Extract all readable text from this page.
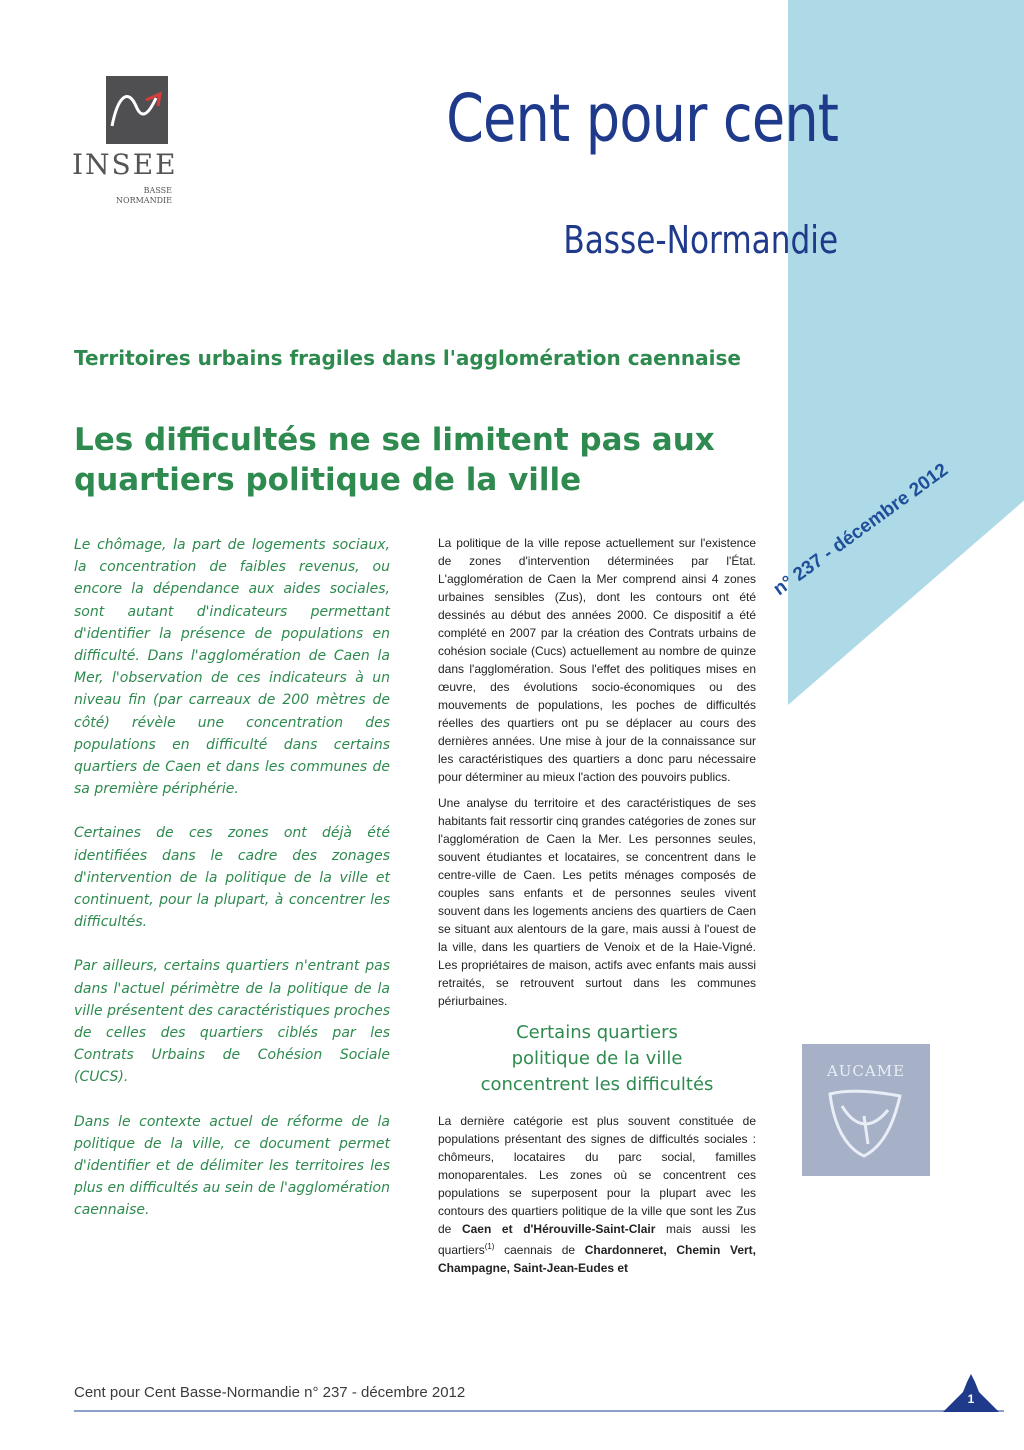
INSEE
BASSE
NORMANDIE
Cent pour cent
Basse-Normandie
n° 237 - décembre 2012
Territoires urbains fragiles dans l'agglomération caennaise
Les difficultés ne se limitent pas aux quartiers politique de la ville

Le chômage, la part de logements sociaux, la concentration de faibles revenus, ou encore la dépendance aux aides sociales, sont autant d'indicateurs permettant d'identifier la présence de populations en difficulté. Dans l'agglomération de Caen la Mer, l'observation de ces indicateurs à un niveau fin (par carreaux de 200 mètres de côté) révèle une concentration des populations en difficulté dans certains quartiers de Caen et dans les communes de sa première périphérie.

Certaines de ces zones ont déjà été identifiées dans le cadre des zonages d'intervention de la politique de la ville et continuent, pour la plupart, à concentrer les difficultés.

Par ailleurs, certains quartiers n'entrant pas dans l'actuel périmètre de la politique de la ville présentent des caractéristiques proches de celles des quartiers ciblés par les Contrats Urbains de Cohésion Sociale (CUCS).

Dans le contexte actuel de réforme de la politique de la ville, ce document permet d'identifier et de délimiter les territoires les plus en difficultés au sein de l'agglomération caennaise.

La politique de la ville repose actuellement sur l'existence de zones d'intervention déterminées par l'État. L'agglomération de Caen la Mer comprend ainsi 4 zones urbaines sensibles (Zus), dont les contours ont été dessinés au début des années 2000. Ce dispositif a été complété en 2007 par la création des Contrats urbains de cohésion sociale (Cucs) actuellement au nombre de quinze dans l'agglomération. Sous l'effet des politiques mises en œuvre, des évolutions socio-économiques ou des mouvements de populations, les poches de difficultés réelles des quartiers ont pu se déplacer au cours des dernières années. Une mise à jour de la connaissance sur les caractéristiques des quartiers a donc paru nécessaire pour déterminer au mieux l'action des pouvoirs publics.

Une analyse du territoire et des caractéristiques de ses habitants fait ressortir cinq grandes catégories de zones sur l'agglomération de Caen la Mer. Les personnes seules, souvent étudiantes et locataires, se concentrent dans le centre-ville de Caen. Les petits ménages composés de couples sans enfants et de personnes seules vivent souvent dans les logements anciens des quartiers de Caen se situant aux alentours de la gare, mais aussi à l'ouest de la ville, dans les quartiers de Venoix et de la Haie-Vigné. Les propriétaires de maison, actifs avec enfants mais aussi retraités, se retrouvent surtout dans les communes périurbaines.

Certains quartiers
politique de la ville
concentrent les difficultés

La dernière catégorie est plus souvent constituée de populations présentant des signes de difficultés sociales : chômeurs, locataires du parc social, familles monoparentales. Les zones où se concentrent ces populations se superposent pour la plupart avec les contours des quartiers politique de la ville que sont les Zus de Caen et d'Hérouville-Saint-Clair mais aussi les quartiers$^{(1)}$ caennais de Chardonneret, Chemin Vert, Champagne, Saint-Jean-Eudes et

AUCAME
Cent pour Cent Basse-Normandie n° 237 - décembre 2012	1
